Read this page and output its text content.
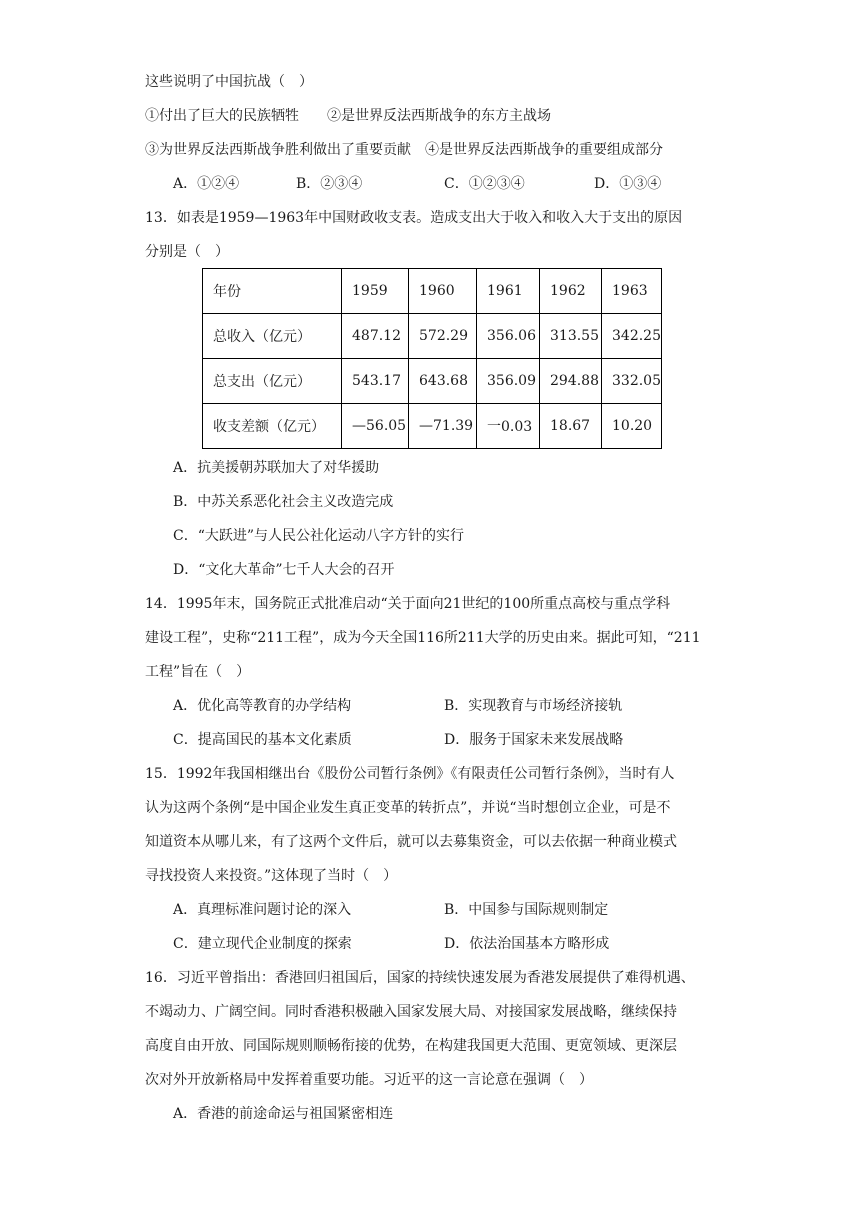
这些说明了中国抗战（　）
①付出了巨大的民族牺牲　　②是世界反法西斯战争的东方主战场
③为世界反法西斯战争胜利做出了重要贡献　④是世界反法西斯战争的重要组成部分
A．①②④	B．②③④	C．①②③④	D．①③④
13．如表是1959—1963年中国财政收支表。造成支出大于收入和收入大于支出的原因
分别是（　）
年份	1959	1960	1961	1962	1963
总收入（亿元）	487.12	572.29	356.06	313.55	342.25
总支出（亿元）	543.17	643.68	356.09	294.88	332.05
收支差额（亿元）	—56.05	—71.39	一0.03	18.67	10.20
A．抗美援朝苏联加大了对华援助
B．中苏关系恶化社会主义改造完成
C．“大跃进”与人民公社化运动八字方针的实行
D．“文化大革命”七千人大会的召开
14．1995年末，国务院正式批准启动“关于面向21世纪的100所重点高校与重点学科
建设工程”，史称“211工程”，成为今天全国116所211大学的历史由来。据此可知，“211
工程”旨在（　）
A．优化高等教育的办学结构	B．实现教育与市场经济接轨
C．提高国民的基本文化素质	D．服务于国家未来发展战略
15．1992年我国相继出台《股份公司暂行条例》《有限责任公司暂行条例》，当时有人
认为这两个条例“是中国企业发生真正变革的转折点”，并说“当时想创立企业，可是不
知道资本从哪儿来，有了这两个文件后，就可以去募集资金，可以去依据一种商业模式
寻找投资人来投资。”这体现了当时（　）
A．真理标准问题讨论的深入	B．中国参与国际规则制定
C．建立现代企业制度的探索	D．依法治国基本方略形成
16．习近平曾指出：香港回归祖国后，国家的持续快速发展为香港发展提供了难得机遇、
不竭动力、广阔空间。同时香港积极融入国家发展大局、对接国家发展战略，继续保持
高度自由开放、同国际规则顺畅衔接的优势，在构建我国更大范围、更宽领域、更深层
次对外开放新格局中发挥着重要功能。习近平的这一言论意在强调（　）
A．香港的前途命运与祖国紧密相连
